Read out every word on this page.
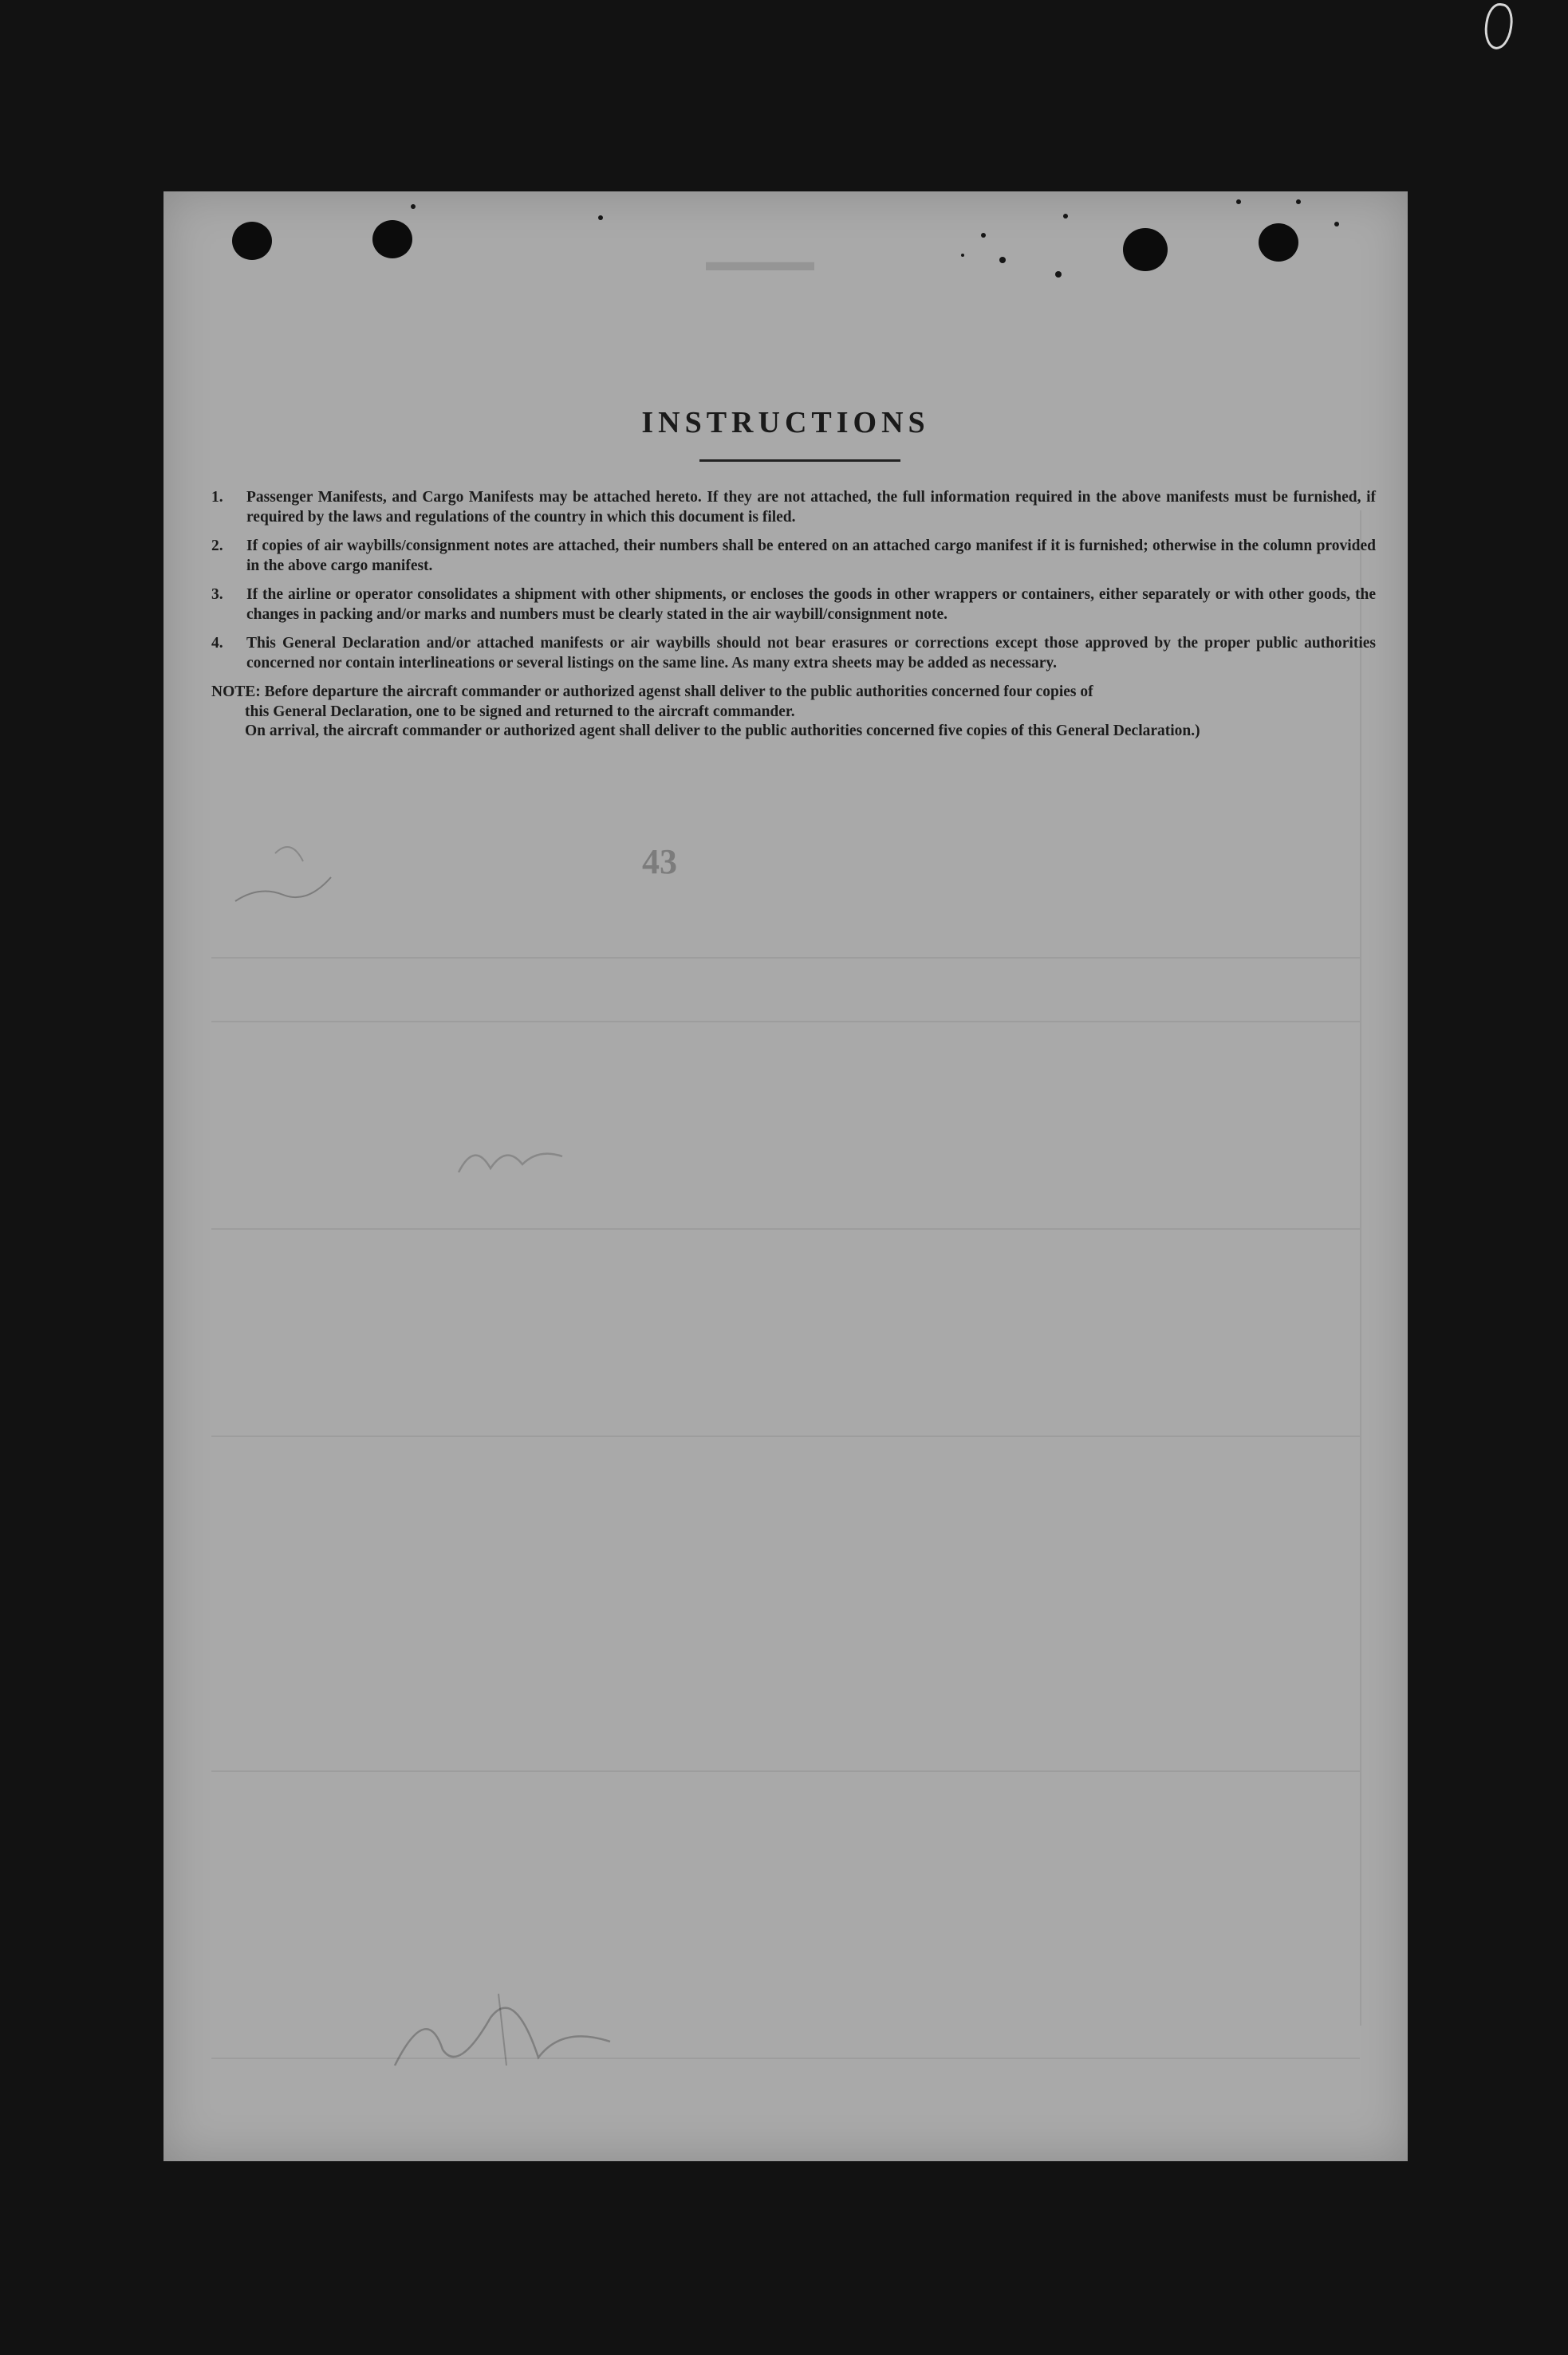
▬▬▬▬
INSTRUCTIONS
1.	Passenger Manifests, and Cargo Manifests may be attached hereto. If they are not attached, the full information required in the above manifests must be furnished, if required by the laws and regulations of the country in which this document is filed.
2.	If copies of air waybills/consignment notes are attached, their numbers shall be entered on an attached cargo manifest if it is furnished; otherwise in the column provided in the above cargo manifest.
3.	If the airline or operator consolidates a shipment with other shipments, or encloses the goods in other wrappers or containers, either separately or with other goods, the changes in packing and/or marks and numbers must be clearly stated in the air waybill/consignment note.
4.	This General Declaration and/or attached manifests or air waybills should not bear erasures or corrections except those approved by the proper public authorities concerned nor contain interlineations or several listings on the same line. As many extra sheets may be added as necessary.
NOTE: Before departure the aircraft commander or authorized agenst shall deliver to the public authorities concerned four copies of
this General Declaration, one to be signed and returned to the aircraft commander.
On arrival, the aircraft commander or authorized agent shall deliver to the public authorities concerned five copies of this General Declaration.)
43
